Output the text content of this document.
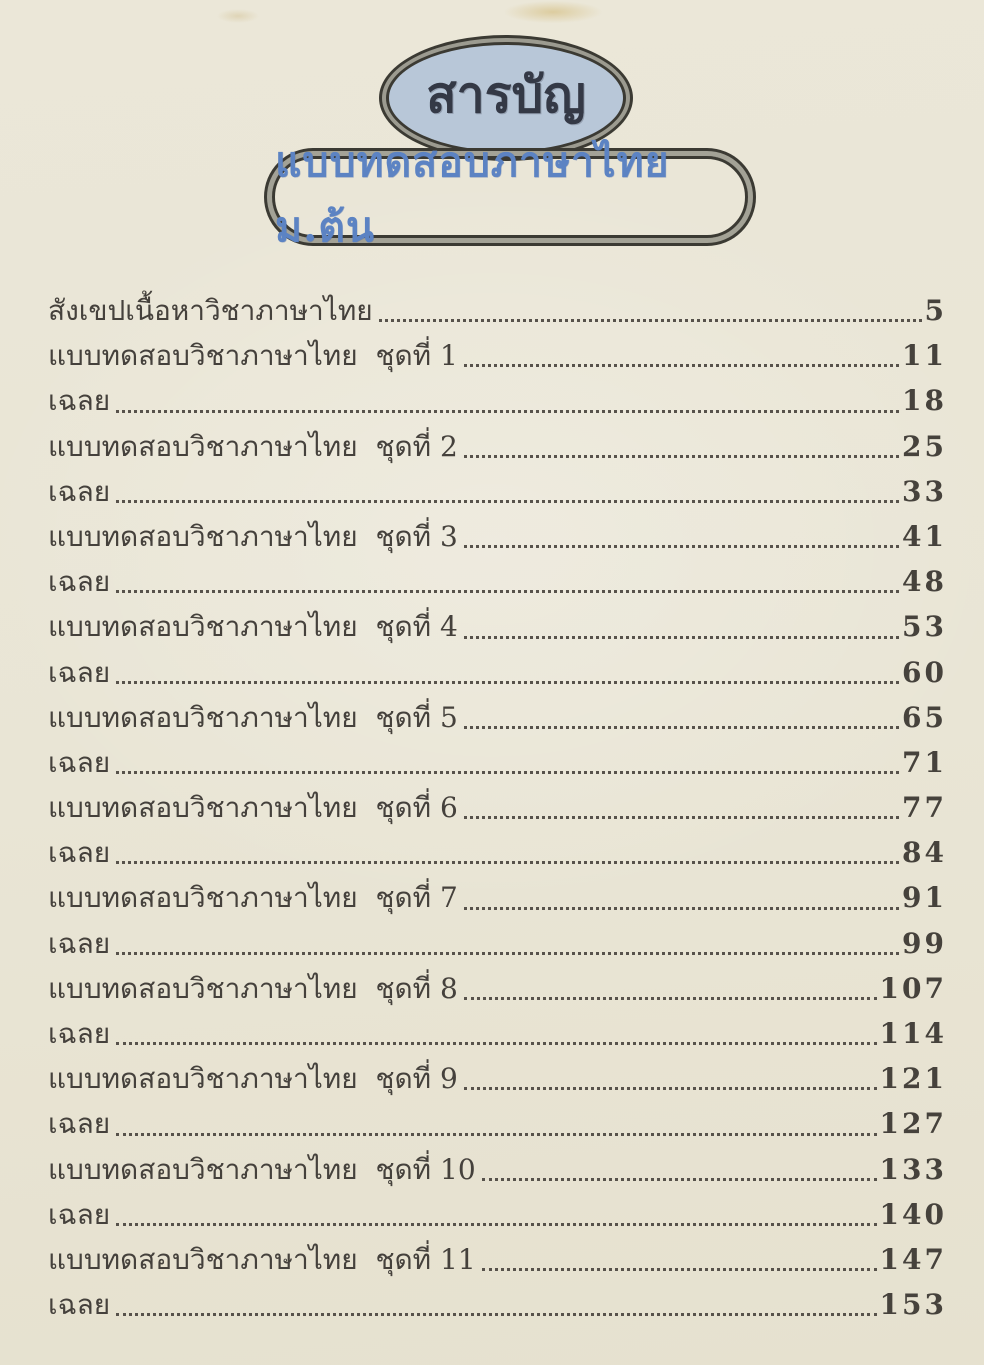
สารบัญ
แบบทดสอบภาษาไทย ม.ต้น
สังเขปเนื้อหาวิชาภาษาไทย	5
แบบทดสอบวิชาภาษาไทย  ชุดที่ 1	11
เฉลย	18
แบบทดสอบวิชาภาษาไทย  ชุดที่ 2	25
เฉลย	33
แบบทดสอบวิชาภาษาไทย  ชุดที่ 3	41
เฉลย	48
แบบทดสอบวิชาภาษาไทย  ชุดที่ 4	53
เฉลย	60
แบบทดสอบวิชาภาษาไทย  ชุดที่ 5	65
เฉลย	71
แบบทดสอบวิชาภาษาไทย  ชุดที่ 6	77
เฉลย	84
แบบทดสอบวิชาภาษาไทย  ชุดที่ 7	91
เฉลย	99
แบบทดสอบวิชาภาษาไทย  ชุดที่ 8	107
เฉลย	114
แบบทดสอบวิชาภาษาไทย  ชุดที่ 9	121
เฉลย	127
แบบทดสอบวิชาภาษาไทย  ชุดที่ 10	133
เฉลย	140
แบบทดสอบวิชาภาษาไทย  ชุดที่ 11	147
เฉลย	153
